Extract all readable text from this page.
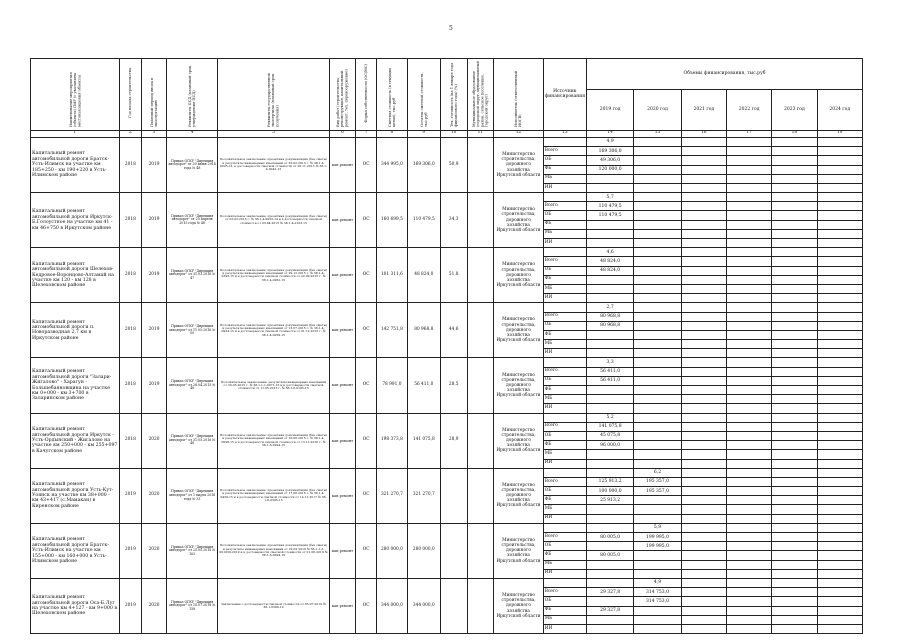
5
Наименование мероприятия (объекта) ПИР (с указанием местонахождения объекта)	Год начала строительства	Плановый период ввода в эксплуатацию	Реквизиты ПСД (плановый срок утверждения ПСД)	Реквизиты государственной экспертизы (плановый срок получения)	Вид работ (строительство, реконструкция, капитальный ремонт, тех. перевооружение)	Форма собственности (ОС/МС)	Сметная стоимость (в текущих ценах), тыс.руб	Остаток сметной стоимости, тыс.руб	Тех. готовность (на 1 января года финансового года) (%)	Муниципальное образование (городской округ, муниципальный район, сельское поселение, городской округ)	Исполнитель (ответственный ИОГВ)	Источник финансирования	Объемы финансирования, тыс.руб					
													2019 год	2020 год	2021 год	2022 год	2023 год	2024 год
1	2	3	4	5	6	7	8	9	10	11	12	13	14	15	16	17	18	19
Капитальный ремонт автомобильной дороги Братск-Усть-Илимск на участке км 185+250 - км 190+220 в Усть-Илимском районе	2018	2019	Приказ ОГКУ "Дирекция автодорог" от 30 июня 2014 года № 48	Положительное заключение: проектная документация (без сметы) и результаты инженерных изысканий от 25.02.2013 г. № 38-1-4-0025-13, в достоверности сметной стоимости от 26.11.2013 № 38-1-4-0242-13	кап.ремонт	ОС	344 995,0	169 306,0	50,9		Министерство строительства, дорожного хозяйства Иркутской области		4,9					
												Всего	169 306,0					
												ОБ	49 306,0					
												ФБ	120 000,0					
												МБ						
												ИИ						
Капитальный ремонт автомобильной дороги Иркутск-Б.Голоустное на участке км 41 - км 46+750 в Иркутском районе	2018	2019	Приказ ОГКУ "Дирекция автодорог" от 29 апреля 2015 года № 48	Положительное заключение: проектная документация (без сметы) от 03.03.2015 г. № 38-1-4-0052-14 и в достоверности сметной стоимости от 03.04.2015 № 38-1-4-0103-15	кап.ремонт	ОС	160 699,5	110 479,5	34,3		Министерство строительства, дорожного хозяйства Иркутской области		5,7					
												Всего	110 479,5					
												ОБ	110 479,5					
												ФБ						
												МБ						
												ИИ						
Капитальный ремонт автомобильной дороги Шелехов-Кедровое-Воронцово-Алтамай на участке км 120 - км 128 в Шелеховском районе	2018	2019	Приказ ОГКУ "Дирекция автодорог" от 31.03.2016 № 47	Положительное заключение: проектная документация (без сметы) и результаты инженерных изысканий от 29.12.2015 г. № 38-1-4-0395-15 и в достоверности сметной стоимости от 22.09.2015 г. № 38-1-4-0262-15	кап.ремонт	ОС	101 311,6	48 824,0	51,8		Министерство строительства, дорожного хозяйства Иркутской области		4,6					
												Всего	48 824,0					
												ОБ	48 824,0					
												ФБ						
												МБ						
												ИИ						
Капитальный ремонт автомобильной дороги п. Новоразводная 2,7 км в Иркутском районе	2018	2019	Приказ ОГКУ "Дирекция автодорог" от 11.05.2016 № 50	Положительное заключение: проектная документация (без сметы) и результаты инженерных изысканий от 13.07.2015 г. № 38-1-4-0924-15 и в достоверности сметной стоимости от 01.12.2015 г. № 38-1-4-0259-15	кап.ремонт	ОС	142 751,8	80 968,8	44,6		Министерство строительства, дорожного хозяйства Иркутской области		2,7					
												Всего	80 968,8					
												ОБ	80 968,8					
												ФБ						
												МБ						
												ИИ						
Капитальный ремонт автомобильной дороги "Залари-Жигалово" - Харагун - Большебаяновщина на участке км 0+000 - км 3+700 в Заларинском районе	2018	2019	Приказ ОГКУ "Дирекция автодорог" от 28.04.2015 № 48	Положительное заключение: результаты инженерных изысканий от 30.03.2015 г. № 38-1-1-1-0071-15 и в достоверности сметной стоимости от 11.05.2015 г. № 38-1-6-0105-15	кап.ремонт	ОС	78 991,0	56 411,0	28,5		Министерство строительства, дорожного хозяйства Иркутской области		3,3					
												Всего	56 411,0					
												ОБ	56 411,0					
												ФБ						
												МБ						
												ИИ						
Капитальный ремонт автомобильной дороги Иркутск - Усть-Ордынский - Жигалово на участке км 250+000 - км 255+097 в Качугском районе	2018	2020	Приказ ОГКУ "Дирекция автодорог" от 31.05.2016 № 48	Положительное заключение: проектная документация (без сметы) и результаты инженерных изысканий от 10.06.2015 г. № 38-1-4-0098-15 и в достоверности сметной стоимости от 13.12.2016 г. № 38-1-6-0294-15	кап.ремонт	ОС	198 373,8	141 075,8	28,9		Министерство строительства, дорожного хозяйства Иркутской области		5,2					
												Всего	141 075,8					
												ОБ	45 075,8					
												ФБ	96 000,0					
												МБ						
												ИИ						
Капитальный ремонт автомобильной дороги Усть-Кут-Уоянск на участке км 38+000 - км 43+417 (с.Мамакан) в Киренском районе	2019	2020	Приказ ОГКУ "Дирекция автодорог" от 1 марта 2016 года № 33	Положительное заключение: проектная документация (без сметы) и результаты инженерных изысканий от 17.08.2016 г. № 38-1-4-0439-15 и в достоверности сметной стоимости от 14.11.2017 № 38-1-6-0295-15	кап.ремонт	ОС	321 270,7	321 270,7			Министерство строительства, дорожного хозяйства Иркутской области			6,2				
												Всего	125 913,2	195 357,0				
												ОБ	100 000,0	195 357,0				
												ФБ	25 913,2					
												МБ						
												ИИ						
Капитальный ремонт автомобильной дороги Братск-Усть-Илимск на участке км 155+000 - км 160+000 в Усть-Илимском районе	2019	2020	Приказ ОГКУ "Дирекция автодорог" от 25.05.2018 № 103	Положительное заключение: проектная документация (без сметы) и результаты инженерных изысканий от 22.02.2019 № 38-1-1-3-001039-2019 и в достоверности сметной стоимости от 01.06.2019 № 38-1-6-0394-19	кап.ремонт	ОС	280 000,0	280 000,0			Министерство строительства, дорожного хозяйства Иркутской области			5,9				
												Всего	80 005,0	199 995,0				
												ОБ		199 995,0				
												ФБ	80 005,0					
												МБ						
												ИИ						
Капитальный ремонт автомобильной дороги Оса-Б.Луг на участке км 4+127 - км 9+000 в Шелеховском районе	2019	2020	Приказ ОГКУ "Дирекция автодорог" от 10.07.2018 № 158	Заключение о достоверности сметной стоимости от 05.07.2019 № 38-1-6390-19	кап.ремонт	ОС	344 000,0	344 000,0			Министерство строительства, дорожного хозяйства Иркутской области			4,9				
												Всего	29 327,8	314 753,0				
												ОБ		314 753,0				
												ФБ	29 327,8					
												МБ						
												ИИ						
